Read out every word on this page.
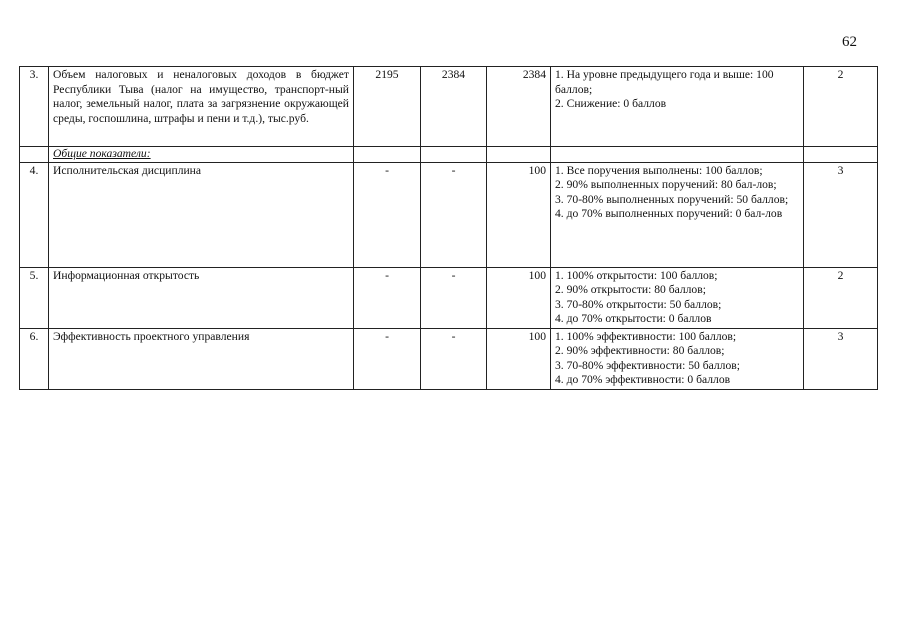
62
3.	Объем налоговых и неналоговых доходов в бюджет Республики Тыва (налог на имущество, транспорт-ный налог, земельный налог, плата за загрязнение окружающей среды, госпошлина, штрафы и пени и т.д.), тыс.руб.	2195	2384	2384	1. На уровне предыдущего года и выше: 100 баллов;
2. Снижение: 0 баллов	2
	Общие показатели:					
4.	Исполнительская дисциплина	-	-	100	1. Все поручения выполнены: 100 баллов;
2. 90% выполненных поручений: 80 бал-лов;
3. 70-80% выполненных поручений: 50 баллов;
4. до 70% выполненных поручений: 0 бал-лов	3
5.	Информационная открытость	-	-	100	1. 100% открытости: 100 баллов;
2. 90% открытости: 80 баллов;
3. 70-80% открытости: 50 баллов;
4. до 70% открытости: 0 баллов	2
6.	Эффективность проектного управления	-	-	100	1. 100% эффективности: 100 баллов;
2. 90% эффективности: 80 баллов;
3. 70-80% эффективности: 50 баллов;
4. до 70% эффективности: 0 баллов	3
